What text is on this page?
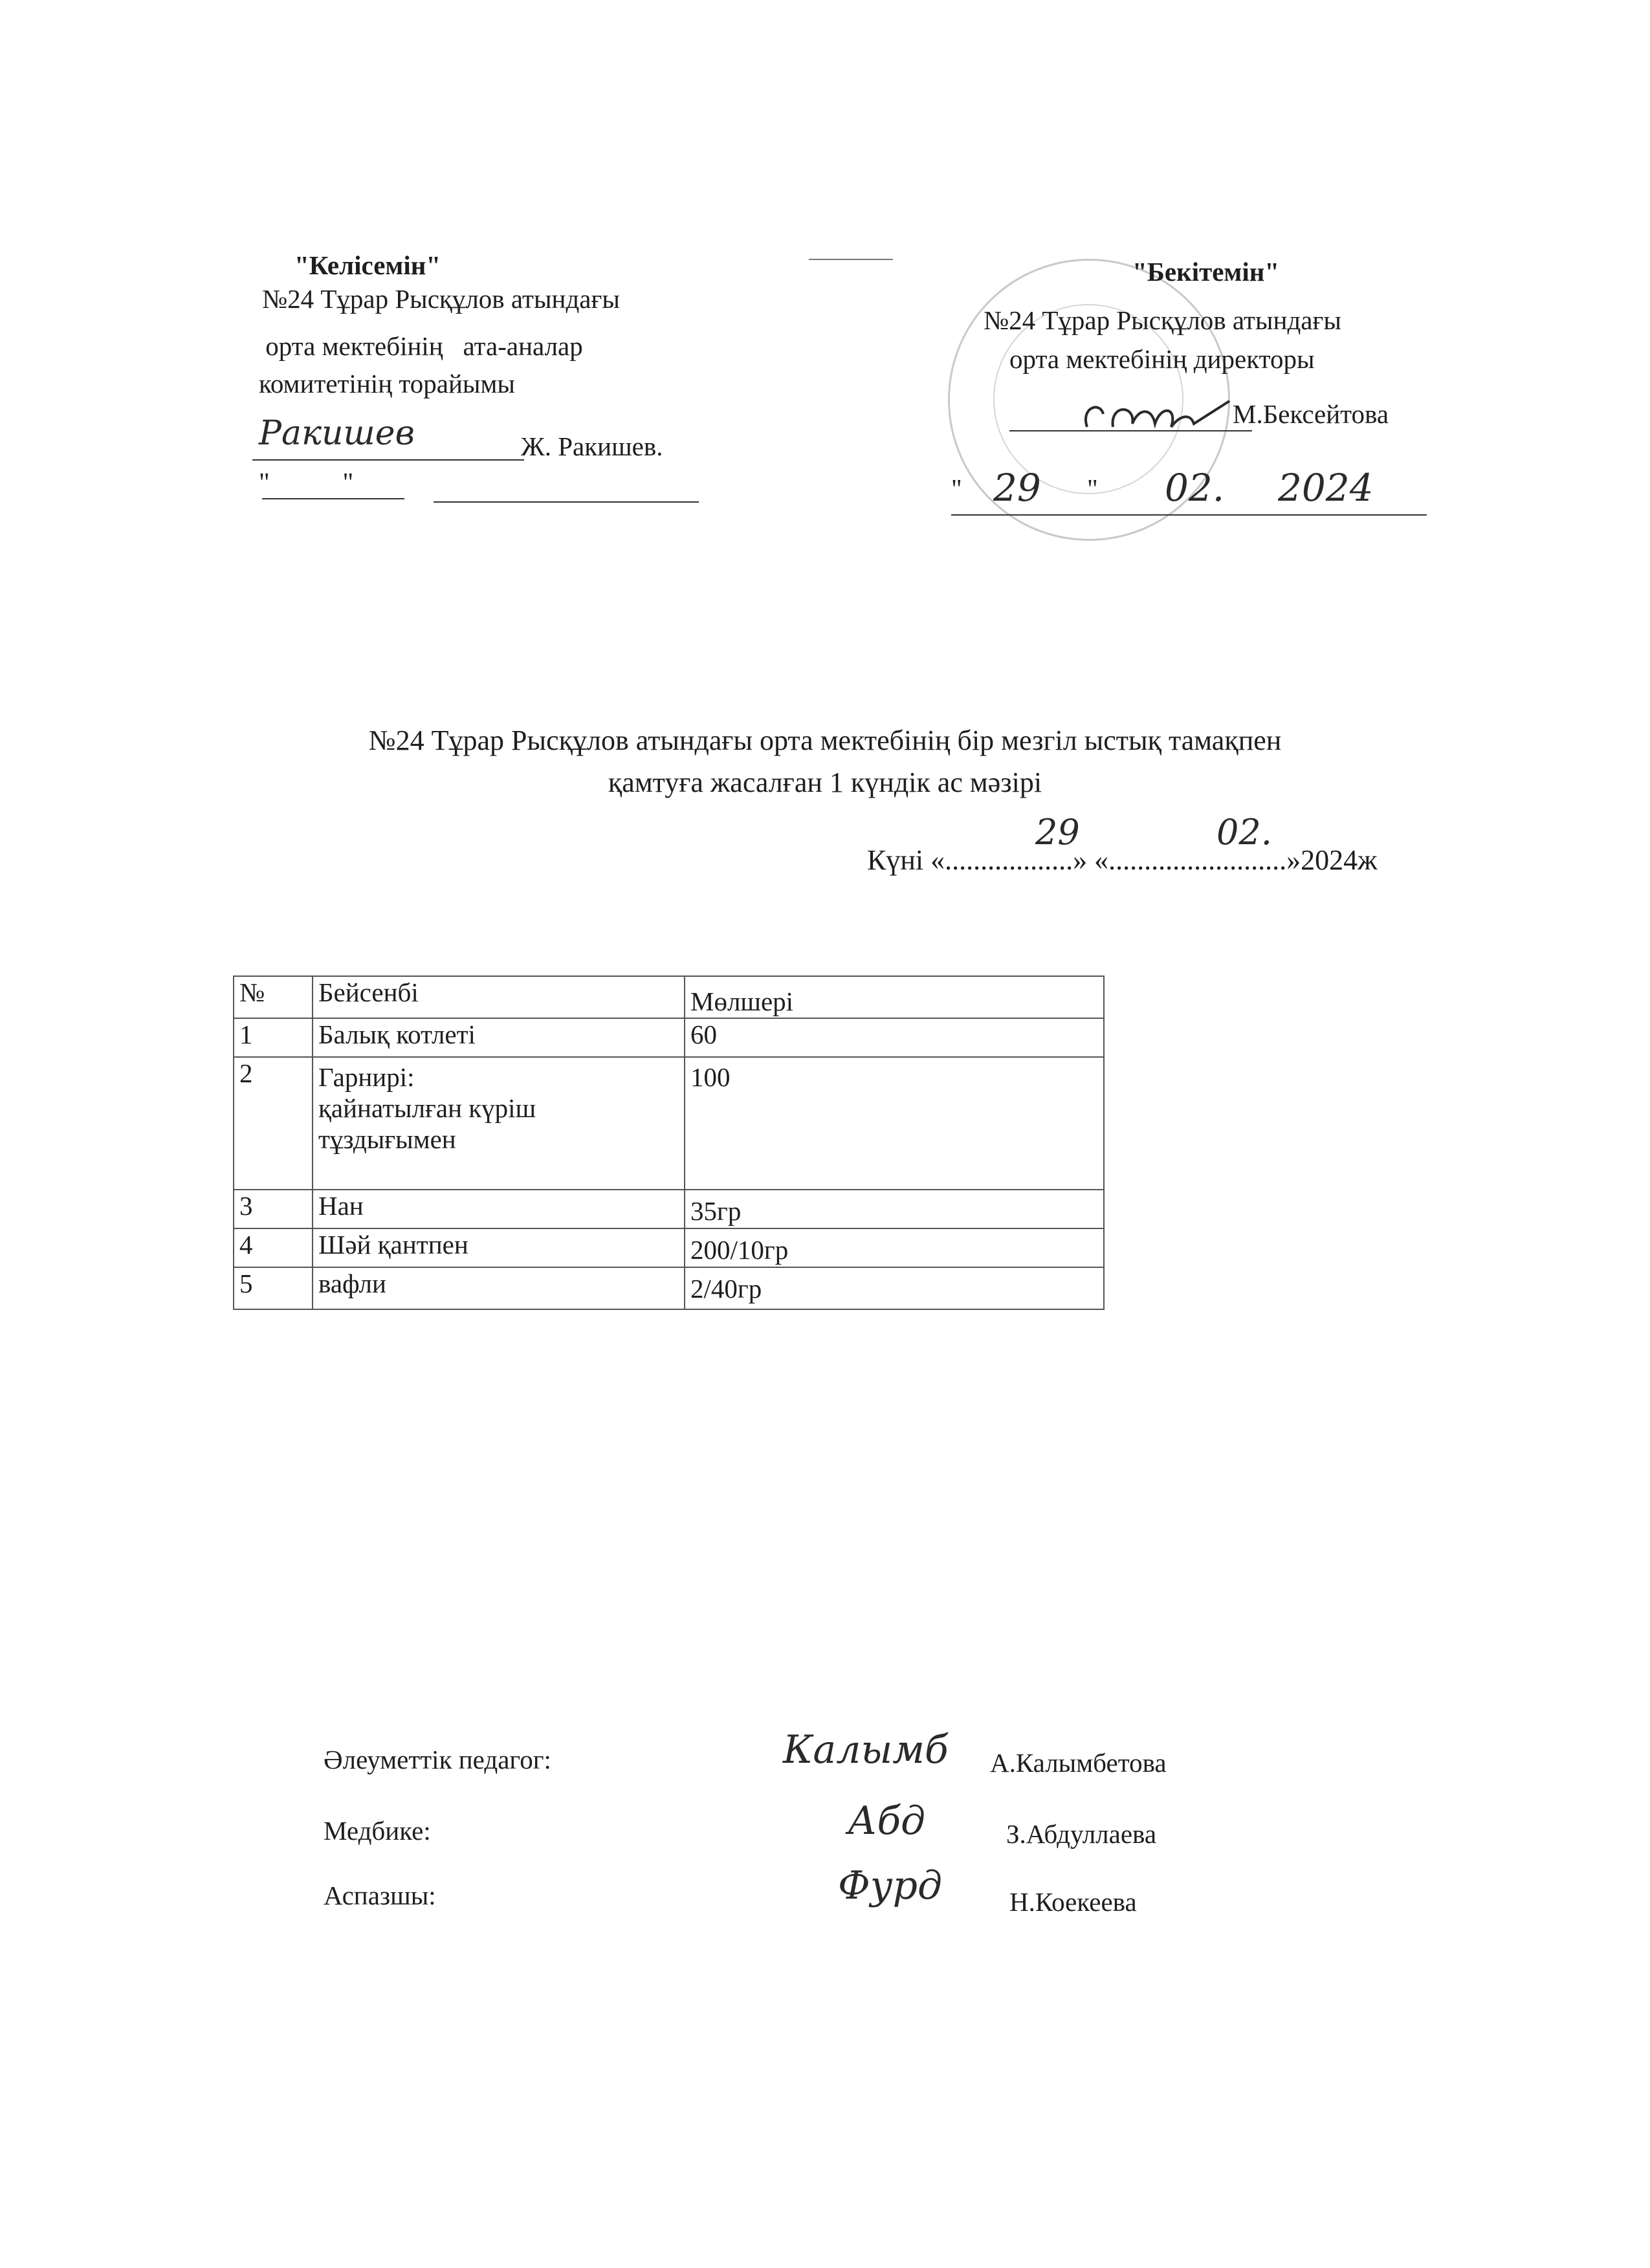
"Келісемін"
№24 Тұрар Рысқұлов атындағы
орта мектебінің   ата-аналар
комитетінің торайымы
Ракишев	Ж. Ракишев.
"           "
"Бекітемін"
№24 Тұрар Рысқұлов атындағы
орта мектебінің директоры
М.Бексейтова
" 29 " 02. 2024
№24 Тұрар Рысқұлов атындағы орта мектебінің бір мезгіл ыстық тамақпен
қамтуға жасалған 1 күндік ас мәзірі
Күні «..................» «.........................»2024ж
29	02.
№	Бейсенбі	Мөлшері
1	Балық котлеті	60
2	Гарнирі:
қайнатылған күріш
тұздығымен	100
3	Нан	35гр
4	Шәй қантпен	200/10гр
5	вафли	2/40гр
Әлеуметтік педагог:	Калымб А.Калымбетова
Медбике:	Абд	З.Абдуллаева
Аспазшы:	Фурд	Н.Коекеева
